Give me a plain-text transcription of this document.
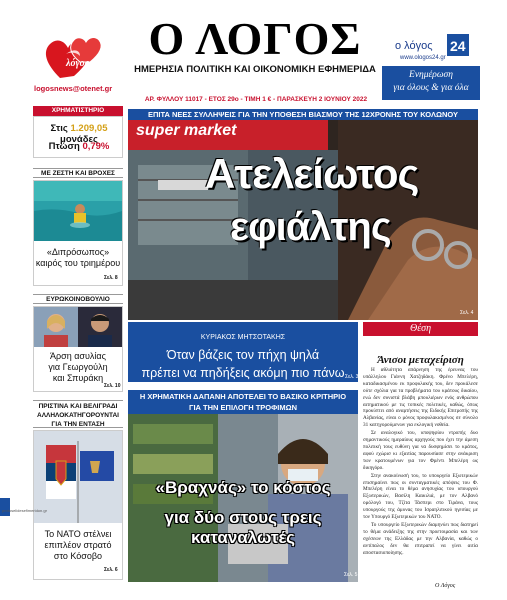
λόγος
logosnews@otenet.gr
Ο ΛΟΓΟΣ
ΗΜΕΡΗΣΙΑ ΠΟΛΙΤΙΚΗ ΚΑΙ ΟΙΚΟΝΟΜΙΚΗ ΕΦΗΜΕΡΙΔΑ
ΑΡ. ΦΥΛΛΟΥ 11017 - ΕΤΟΣ 29ο - ΤΙΜΗ 1 € - ΠΑΡΑΣΚΕΥΗ 2 ΙΟΥΝΙΟΥ 2022
ο λόγος 24
www.ologos24.gr
Ενημέρωση
για όλους & για όλα
ΧΡΗΜΑΤΙΣΤΗΡΙΟ
Στις 1.209,05 μονάδες
Πτώση 0,79%
ΜΕ ΖΕΣΤΗ ΚΑΙ ΒΡΟΧΕΣ
«Διπρόσωπος»
καιρός του τριημέρου
Σελ. 8
ΕΥΡΩΚΟΙΝΟΒΟΥΛΙΟ
Άρση ασυλίας
για Γεωργούλη
και Σπυράκη
Σελ. 10
ΠΡΙΣΤΙΝΑ ΚΑΙ ΒΕΛΙΓΡΑΔΙ ΑΛΛΗΛΟΚΑΤΗΓΟΡΟΥΝΤΑΙ ΓΙΑ ΤΗΝ ΕΝΤΑΣΗ
Το ΝΑΤΟ στέλνει
επιπλέον στρατό
στο Κόσοβο
Σελ. 6
ΕΠΙΤΑ ΝΕΕΣ ΣΥΛΛΗΨΕΙΣ ΓΙΑ ΤΗΝ ΥΠΟΘΕΣΗ ΒΙΑΣΜΟΥ ΤΗΣ 12ΧΡΟΝΗΣ ΤΟΥ ΚΟΛΩΝΟΥ
super market
Ατελείωτος
εφιάλτης
Σελ. 4
ΚΥΡΙΑΚΟΣ ΜΗΤΣΟΤΑΚΗΣ
Όταν βάζεις τον πήχη ψηλά
πρέπει να πηδήξεις ακόμη πιο πάνω Σελ. 3
Η ΧΡΗΜΑΤΙΚΗ ΔΑΠΑΝΗ ΑΠΟΤΕΛΕΙ ΤΟ ΒΑΣΙΚΟ ΚΡΙΤΗΡΙΟ
ΓΙΑ ΤΗΝ ΕΠΙΛΟΓΗ ΤΡΟΦΙΜΩΝ
«Βραχνάς» το κόστος
για δύο στους τρεις καταναλωτές
Σελ. 5
Θέση
Άνισοι μεταχείριση

Η αθλιότητα απάρνηση της έρευνας του υπάλληλου Γιάννη Χατζηδάκη. Φρένο Μπελέρη, καταδικασμένου εκ προφυλακής του, δεν προκάλεσε ούτε σχόλια για τα προβλήματα του κράτους δικαίου, ενώ δεν συνιστά βλάβη μπουλιέρων ενός ανθρώπου αιτηματικού με τις τοπικές πολιτικές, καθώς, όπως προκύπτει από αναρτήσεις της Ειδικής Επιτροπής της Αλβανίας, είναι ο μόνος προφυλακισμένος σε σύνολο 31 κατηγορούμενων για εκλογική νοθεία.

Σε αναλογικό του, υποψηφίου ντροπής δυο σημαντικούς ημεραίους αρχηγούς που έχει την άμεση πολιτική τους ευθύνη για να δυσφημίσει το κράτος, αφού εχώρισ κι εξαιτίας παρουσίασε στην ανάκριση των κρατουμένων για τον Φρέντι Μπελέρη ως δικηγόρο.

Στην ανακοίνωσή του, το υπουργείο Εξωτερικών επισημαίνει πως οι συνταγματικές απόψεις του Φ. Μπελέρη είναι το θέμα ανησυχίας του υπουργού Εξωτερικών, Βασίλη Καικιλιά, με τον Αλβανό ομόλογό του, Τζίτα Τάσπερι στο Τιράνα, τους υπουργούς της άμυνας του Ισραηλιτικού ηγεσίας με τον Υπουργό Εξωτερικών του ΝΑΤΟ.

Το υπουργείο Εξωτερικών διαμηνύει πως διατηρεί το θέμα ανάδειξης της στην προετοιμασία και των σχέσεων της Ελλάδας με την Αλβανία, καθώς ο αντίπαλος δεν θα επιτραπεί να γίνει αιτία αποστασιοποίησης.

Ο Λόγος
protoselidesefimeridon.gr
